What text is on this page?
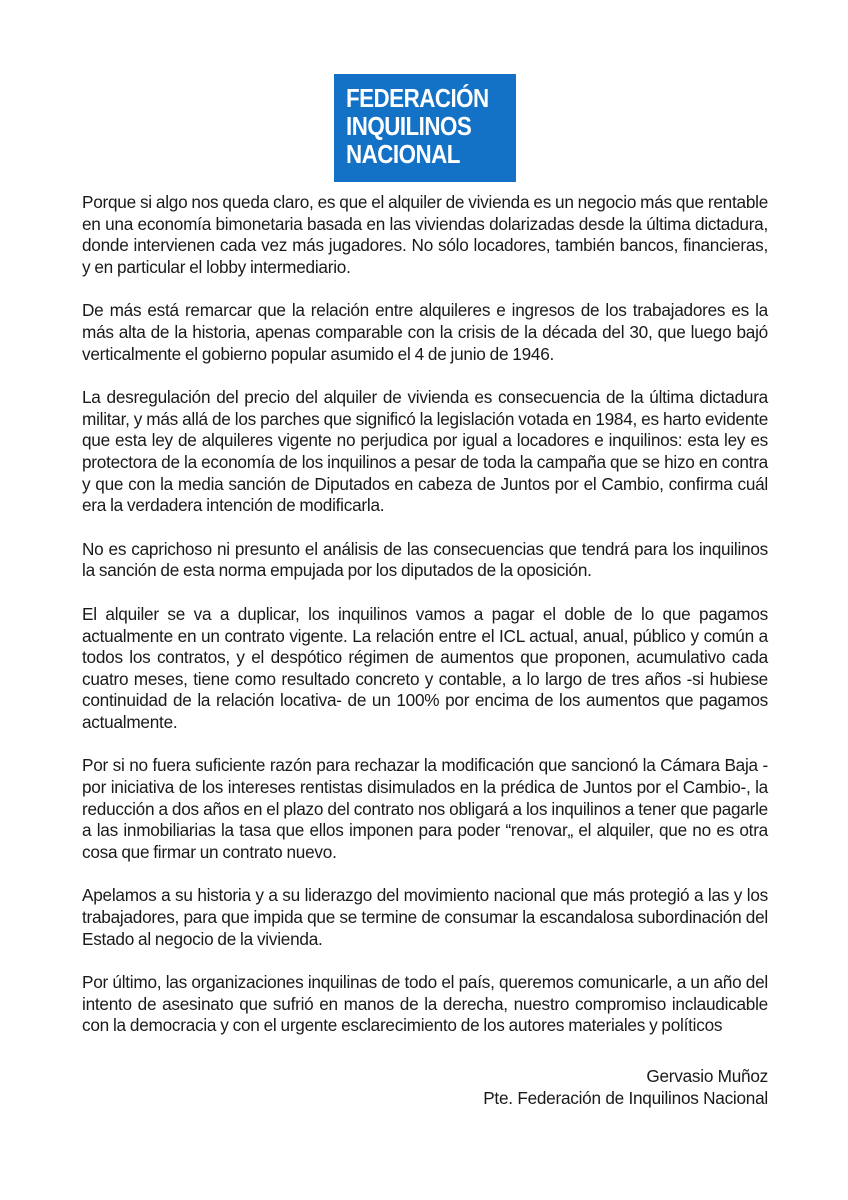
FEDERACIÓN
INQUILINOS
NACIONAL

Porque si algo nos queda claro, es que el alquiler de vivienda es un negocio más que rentable en una economía bimonetaria basada en las viviendas dolarizadas desde la última dictadura, donde intervienen cada vez más jugadores. No sólo locadores, también bancos, financieras, y en particular el lobby intermediario.

De más está remarcar que la relación entre alquileres e ingresos de los trabajadores es la más alta de la historia, apenas comparable con la crisis de la década del 30, que luego bajó verticalmente el gobierno popular asumido el 4 de junio de 1946.

La desregulación del precio del alquiler de vivienda es consecuencia de la última dictadura militar, y más allá de los parches que significó la legislación votada en 1984, es harto evidente que esta ley de alquileres vigente no perjudica por igual a locadores e inquilinos: esta ley es protectora de la economía de los inquilinos a pesar de toda la campaña que se hizo en contra y que con la media sanción de Diputados en cabeza de Juntos por el Cambio, confirma cuál era la verdadera intención de modificarla.

No es caprichoso ni presunto el análisis de las consecuencias que tendrá para los inquilinos la sanción de esta norma empujada por los diputados de la oposición.

El alquiler se va a duplicar, los inquilinos vamos a pagar el doble de lo que pagamos actualmente en un contrato vigente. La relación entre el ICL actual, anual, público y común a todos los contratos, y el despótico régimen de aumentos que proponen, acumulativo cada cuatro meses, tiene como resultado concreto y contable, a lo largo de tres años -si hubiese continuidad de la relación locativa- de un 100% por encima de los aumentos que pagamos actualmente.

Por si no fuera suficiente razón para rechazar la modificación que sancionó la Cámara Baja -por iniciativa de los intereses rentistas disimulados en la prédica de Juntos por el Cambio-, la reducción a dos años en el plazo del contrato nos obligará a los inquilinos a tener que pagarle a las inmobiliarias la tasa que ellos imponen para poder “renovar„ el alquiler, que no es otra cosa que firmar un contrato nuevo.

Apelamos a su historia y a su liderazgo del movimiento nacional que más protegió a las y los trabajadores, para que impida que se termine de consumar la escandalosa subordinación del Estado al negocio de la vivienda.

Por último, las organizaciones inquilinas de todo el país, queremos comunicarle, a un año del intento de asesinato que sufrió en manos de la derecha, nuestro compromiso inclaudicable con la democracia y con el urgente esclarecimiento de los autores materiales y políticos

Gervasio Muñoz
Pte. Federación de Inquilinos Nacional
